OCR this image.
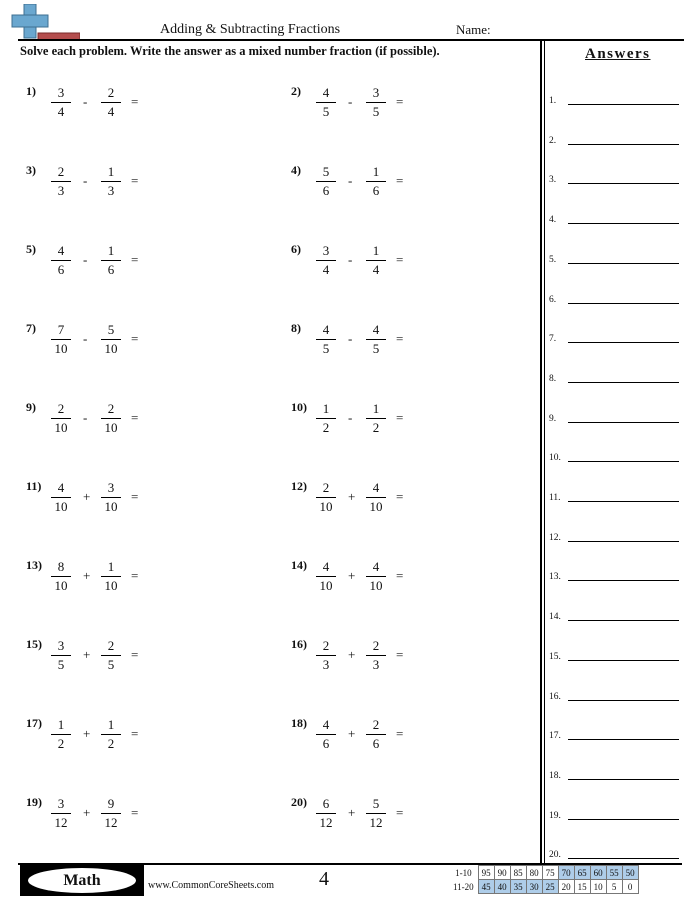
Adding & Subtracting Fractions	Name:
Solve each problem. Write the answer as a mixed number fraction (if possible).	Answers
1.
2.
3.
4.
5.
6.
7.
8.
9.
10.
11.
12.
13.
14.
15.
16.
17.
18.
19.
20.
1)	3
4
-
2
4
=
2)	4
5
-
3
5
=
3)	2
3
-
1
3
=
4)	5
6
-
1
6
=
5)	4
6
-
1
6
=
6)	3
4
-
1
4
=
7)	7
10
-
5
10
=
8)	4
5
-
4
5
=
9)	2
10
-
2
10
=
10)	1
2
-
1
2
=
11)	4
10
+
3
10
=
12)	2
10
+
4
10
=
13)	8
10
+
1
10
=
14)	4
10
+
4
10
=
15)	3
5
+
2
5
=
16)	2
3
+
2
3
=
17)	1
2
+
1
2
=
18)	4
6
+
2
6
=
19)	3
12
+
9
12
=
20)	6
12
+
5
12
=
Math	www.CommonCoreSheets.com 4	1-10	95	90	85	80	75	70	65	60	55	50
11-20	45	40	35	30	25	20	15	10	5	0
